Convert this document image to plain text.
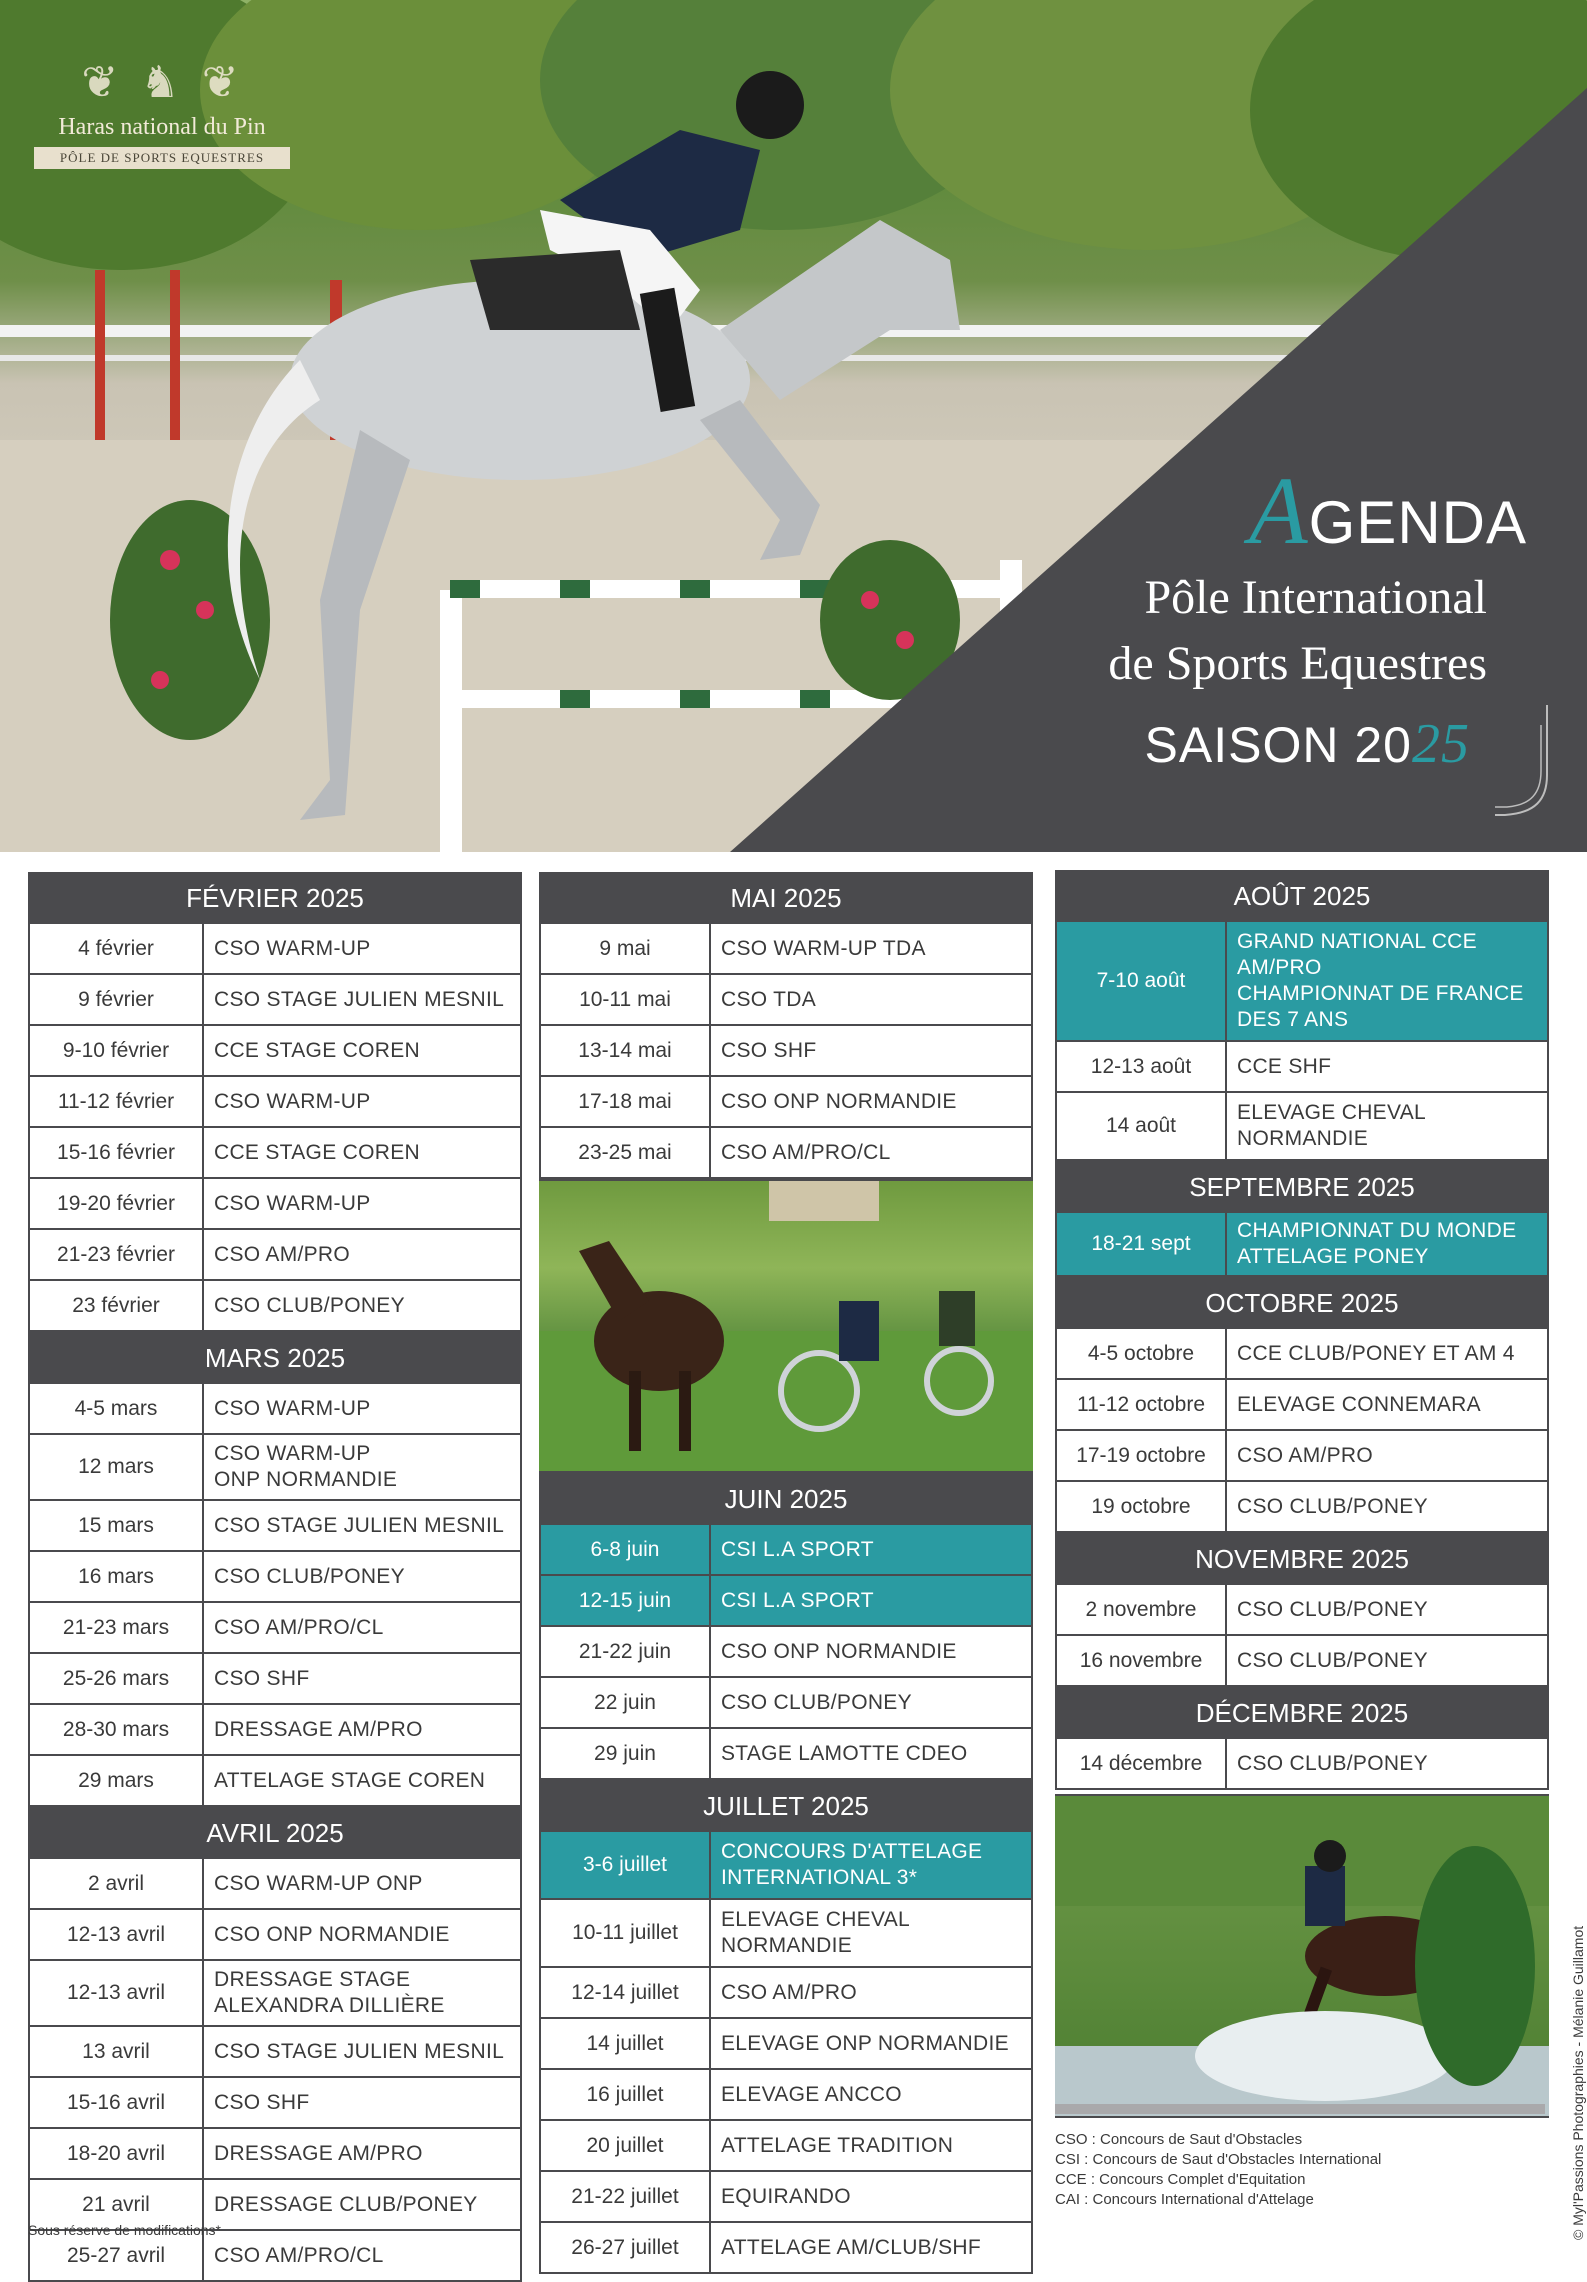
❦ ♞ ❦
Haras national du Pin
PÔLE DE SPORTS EQUESTRES
AGENDA
Pôle International
de Sports Equestres
SAISON 2025
FÉVRIER 2025	
4 février	CSO WARM-UP
9 février	CSO STAGE JULIEN MESNIL
9-10 février	CCE STAGE COREN
11-12 février	CSO WARM-UP
15-16 février	CCE STAGE COREN
19-20 février	CSO WARM-UP
21-23 février	CSO AM/PRO
23 février	CSO CLUB/PONEY
MARS 2025	
4-5 mars	CSO WARM-UP
12 mars	CSO WARM-UP
ONP NORMANDIE
15 mars	CSO STAGE JULIEN MESNIL
16 mars	CSO CLUB/PONEY
21-23 mars	CSO AM/PRO/CL
25-26 mars	CSO SHF
28-30 mars	DRESSAGE AM/PRO
29 mars	ATTELAGE STAGE COREN
AVRIL 2025	
2 avril	CSO WARM-UP ONP
12-13 avril	CSO ONP NORMANDIE
12-13 avril	DRESSAGE STAGE
ALEXANDRA DILLIÈRE
13 avril	CSO STAGE JULIEN MESNIL
15-16 avril	CSO SHF
18-20 avril	DRESSAGE AM/PRO
21 avril	DRESSAGE CLUB/PONEY
25-27 avril	CSO AM/PRO/CL
MAI 2025	
9 mai	CSO WARM-UP TDA
10-11 mai	CSO TDA
13-14 mai	CSO SHF
17-18 mai	CSO ONP NORMANDIE
23-25 mai	CSO AM/PRO/CL
JUIN 2025	
6-8 juin	CSI L.A SPORT
12-15 juin	CSI L.A SPORT
21-22 juin	CSO ONP NORMANDIE
22 juin	CSO CLUB/PONEY
29 juin	STAGE LAMOTTE CDEO
JUILLET 2025	
3-6 juillet	CONCOURS D'ATTELAGE
INTERNATIONAL 3*
10-11 juillet	ELEVAGE CHEVAL
NORMANDIE
12-14 juillet	CSO AM/PRO
14 juillet	ELEVAGE ONP NORMANDIE
16 juillet	ELEVAGE ANCCO
20 juillet	ATTELAGE TRADITION
21-22 juillet	EQUIRANDO
26-27 juillet	ATTELAGE AM/CLUB/SHF
AOÛT 2025	
7-10 août	GRAND NATIONAL CCE
AM/PRO
CHAMPIONNAT DE FRANCE
DES 7 ANS
12-13 août	CCE SHF
14 août	ELEVAGE CHEVAL
NORMANDIE
SEPTEMBRE 2025
18-21 sept	CHAMPIONNAT DU MONDE
ATTELAGE PONEY
OCTOBRE 2025	
4-5 octobre	CCE CLUB/PONEY ET AM 4
11-12 octobre	ELEVAGE CONNEMARA
17-19 octobre	CSO AM/PRO
19 octobre	CSO CLUB/PONEY
NOVEMBRE 2025	
2 novembre	CSO CLUB/PONEY
16 novembre	CSO CLUB/PONEY
DÉCEMBRE 2025
14 décembre	CSO CLUB/PONEY
CSO : Concours de Saut d'Obstacles
CSI : Concours de Saut d'Obstacles International
CCE : Concours Complet d'Equitation
CAI : Concours International d'Attelage
Sous réserve de modifications*	© Myl'Passions Photographies - Mélanie Guillamot
